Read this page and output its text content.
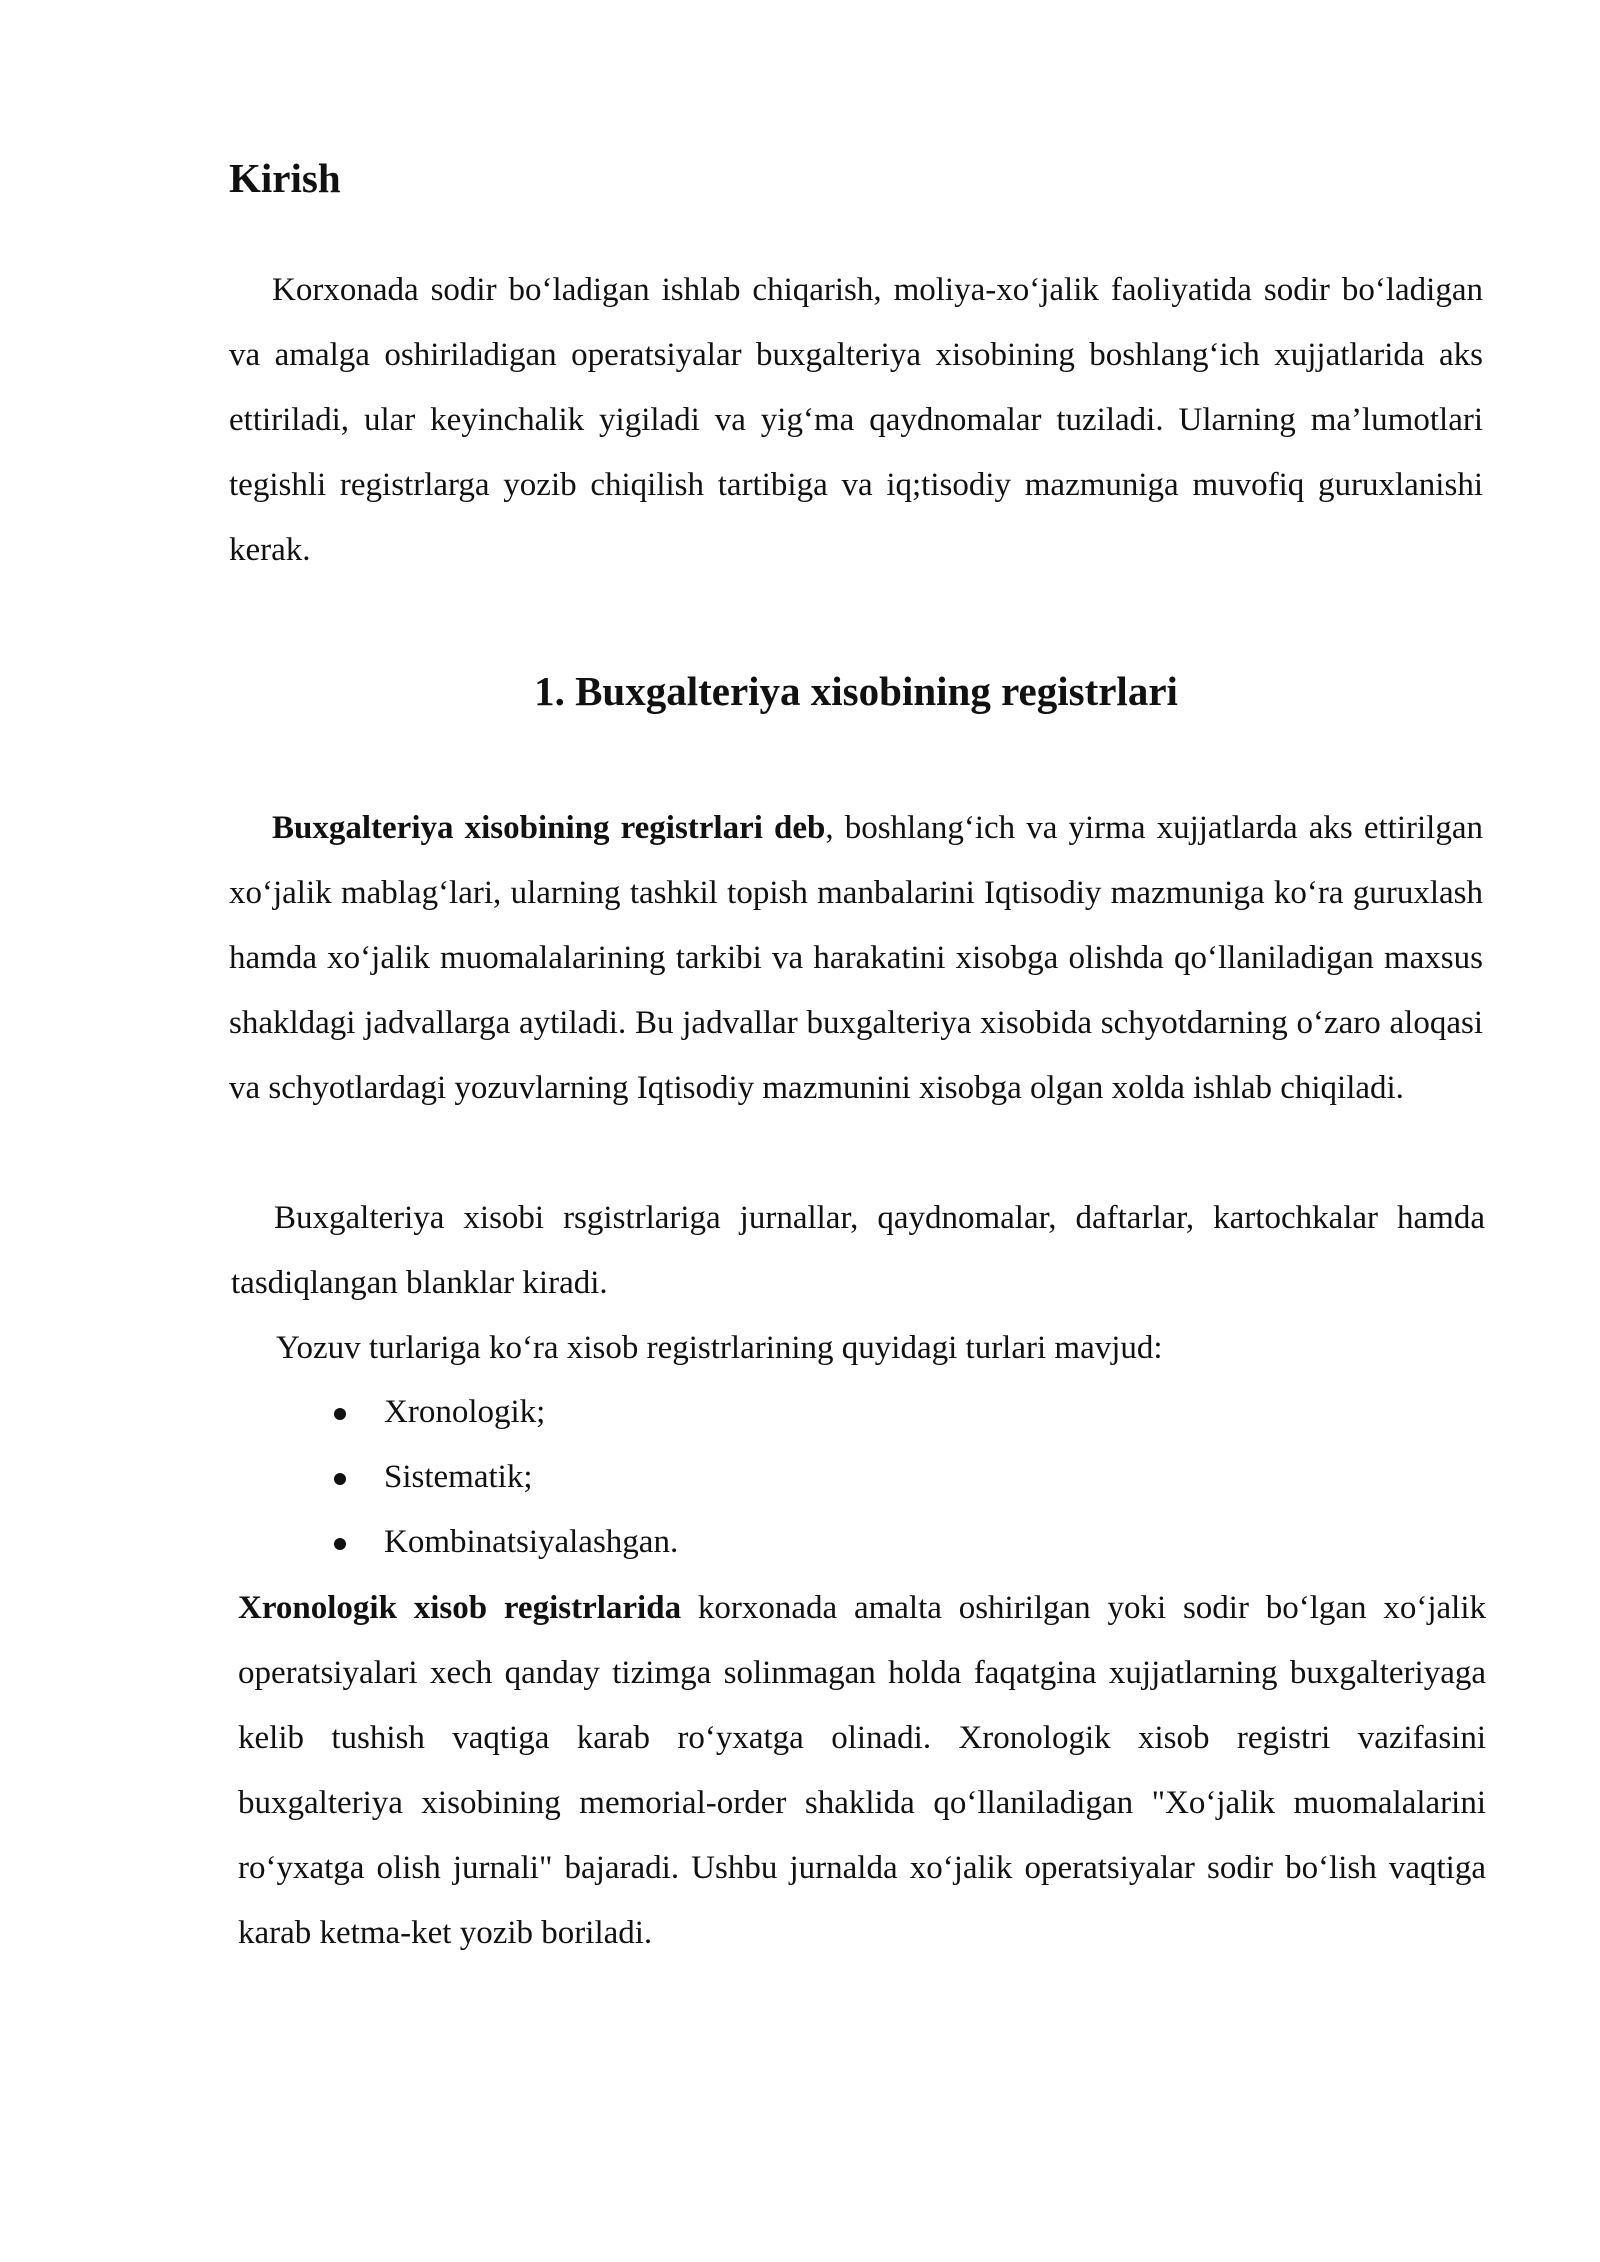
Kirish

Korxonada sodir bo‘ladigan ishlab chiqarish, moliya-xo‘jalik faoliyatida sodir bo‘ladigan va amalga oshiriladigan operatsiyalar buxgalteriya xisobining boshlang‘ich xujjatlarida aks ettiriladi, ular keyinchalik yigiladi va yig‘ma qaydnomalar tuziladi. Ularning ma’lumotlari tegishli registrlarga yozib chiqilish tartibiga va iq;tisodiy mazmuniga muvofiq guruxlanishi kerak.

1. Buxgalteriya xisobining registrlari

Buxgalteriya xisobining registrlari deb, boshlang‘ich va yirma xujjatlarda aks ettirilgan xo‘jalik mablag‘lari, ularning tashkil topish manbalarini Iqtisodiy mazmuniga ko‘ra guruxlash hamda xo‘jalik muomalalarining tarkibi va harakatini xisobga olishda qo‘llaniladigan maxsus shakldagi jadvallarga aytiladi. Bu jadvallar buxgalteriya xisobida schyotdarning o‘zaro aloqasi va schyotlardagi yozuvlarning Iqtisodiy mazmunini xisobga olgan xolda ishlab chiqiladi.

Buxgalteriya xisobi rsgistrlariga jurnallar, qaydnomalar, daftarlar, kartochkalar hamda tasdiqlangan blanklar kiradi.

Yozuv turlariga ko‘ra xisob registrlarining quyidagi turlari mavjud:

Xronologik;
Sistematik;
Kombinatsiyalashgan.

Xronologik xisob registrlarida korxonada amalta oshirilgan yoki sodir bo‘lgan xo‘jalik operatsiyalari xech qanday tizimga solinmagan holda faqatgina xujjatlarning buxgalteriyaga kelib tushish vaqtiga karab ro‘yxatga olinadi. Xronologik xisob registri vazifasini buxgalteriya xisobining memorial-order shaklida qo‘llaniladigan "Xo‘jalik muomalalarini ro‘yxatga olish jurnali" bajaradi. Ushbu jurnalda xo‘jalik operatsiyalar sodir bo‘lish vaqtiga karab ketma-ket yozib boriladi.
